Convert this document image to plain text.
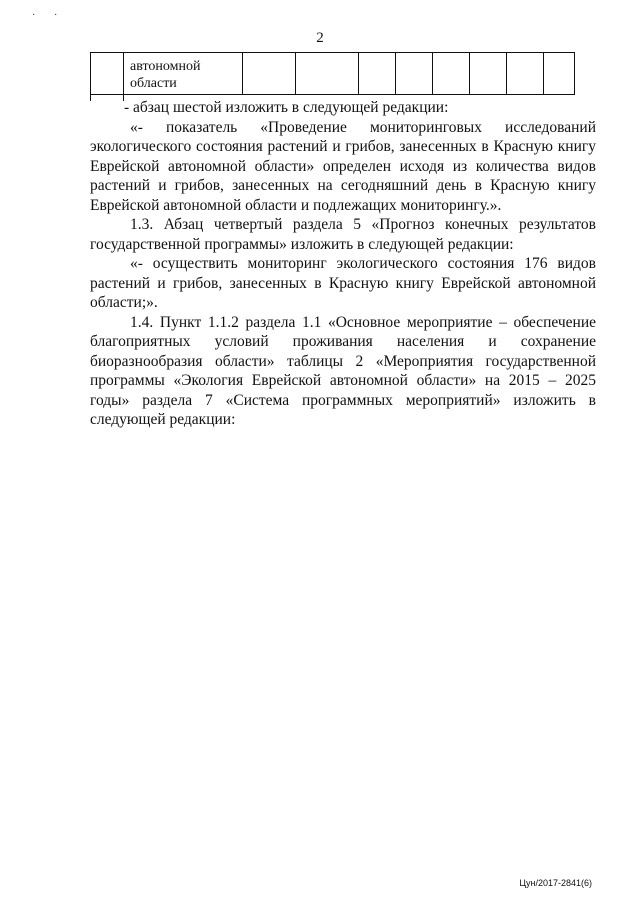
· ·
2
	автономной
области								

- абзац шестой изложить в следующей редакции:

«- показатель «Проведение мониторинговых исследований экологического состояния растений и грибов, занесенных в Красную книгу Еврейской автономной области» определен исходя из количества видов растений и грибов, занесенных на сегодняшний день в Красную книгу Еврейской автономной области и подлежащих мониторингу.».

1.3. Абзац четвертый раздела 5 «Прогноз конечных результатов государственной программы» изложить в следующей редакции:

«- осуществить мониторинг экологического состояния 176 видов растений и грибов, занесенных в Красную книгу Еврейской автономной области;».

1.4. Пункт 1.1.2 раздела 1.1 «Основное мероприятие – обеспечение благоприятных условий проживания населения и сохранение биоразнообразия области» таблицы 2 «Мероприятия государственной программы «Экология Еврейской автономной области» на 2015 – 2025 годы» раздела 7 «Система программных мероприятий» изложить в следующей редакции:

Цун/2017-2841(6)
